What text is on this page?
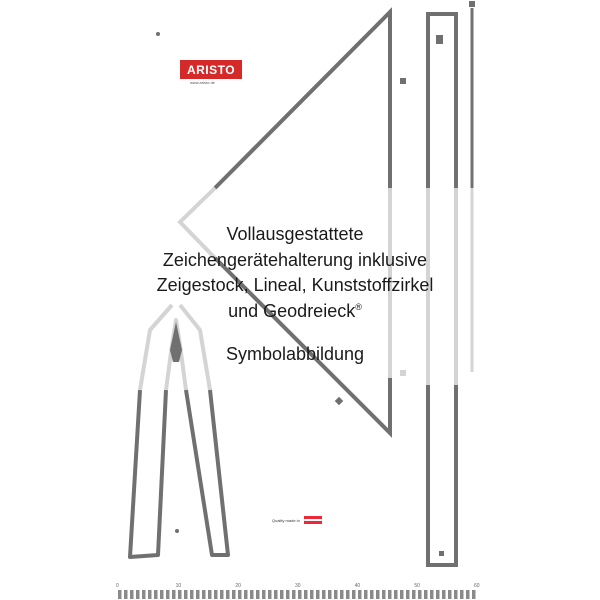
ARISTO
www.aristo.de
Vollausgestattete
Zeichengerätehalterung inklusive
Zeigestock, Lineal, Kunststoffzirkel
und Geodreieck®
Symbolabbildung
Quality made in
0	10	20	30	40	50	60
